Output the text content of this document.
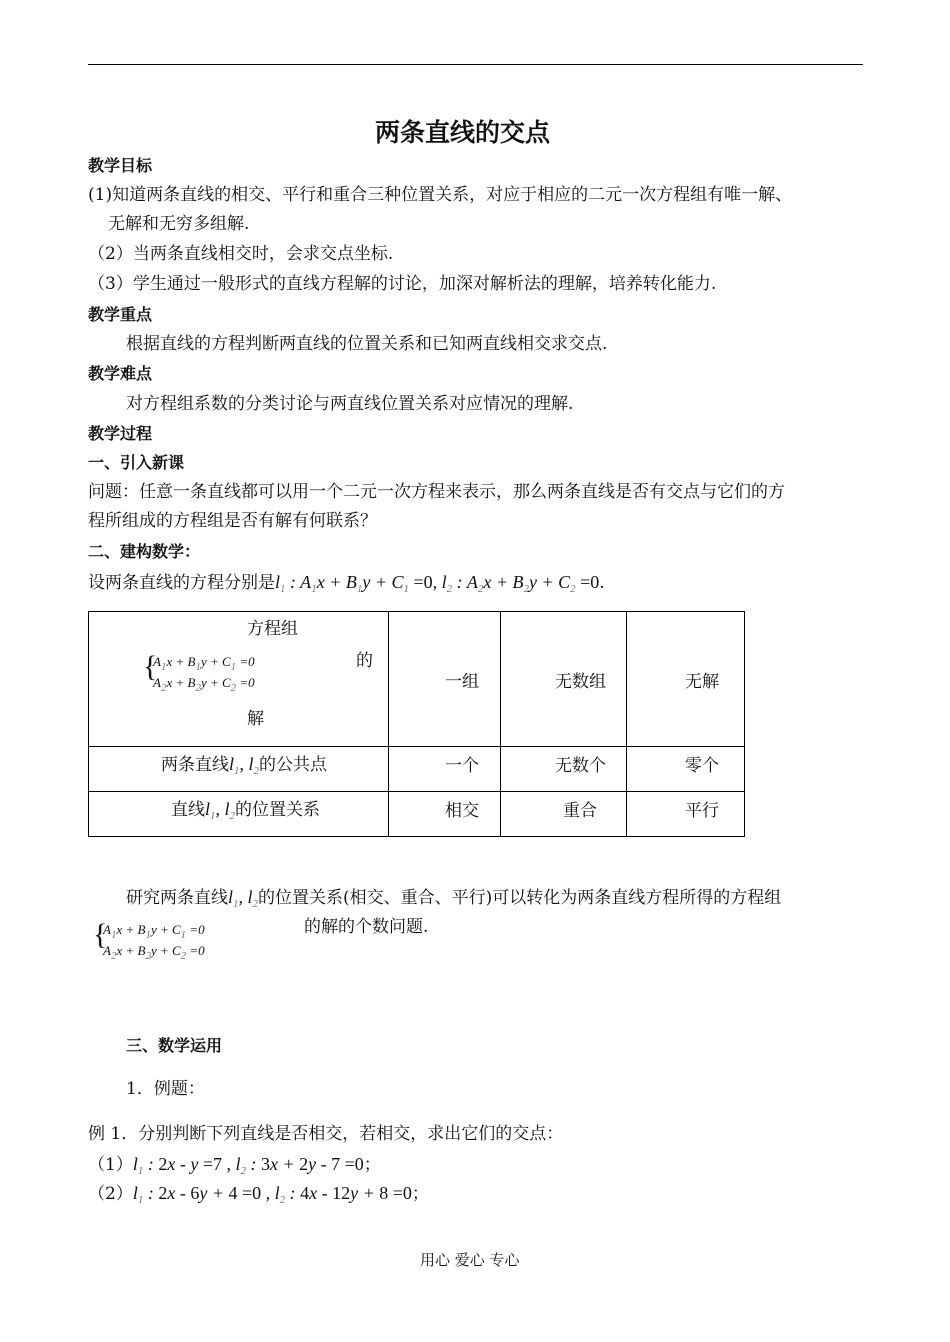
两条直线的交点
教学目标
(1)知道两条直线的相交、平行和重合三种位置关系，对应于相应的二元一次方程组有唯一解、
无解和无穷多组解.
（2）当两条直线相交时，会求交点坐标.
（3）学生通过一般形式的直线方程解的讨论，加深对解析法的理解，培养转化能力.
教学重点
根据直线的方程判断两直线的位置关系和已知两直线相交求交点.
教学难点
对方程组系数的分类讨论与两直线位置关系对应情况的理解.
教学过程
一、引入新课
问题：任意一条直线都可以用一个二元一次方程来表示，那么两条直线是否有交点与它们的方
程所组成的方程组是否有解有何联系？
二、建构数学：
设两条直线的方程分别是$l_1$ : $A_1x + B_1y + C_1 =0$, $l_2$ : $A_2x + B_2y + C_2 =0$.
方程组
{ $A_1x + B_1y + C_1 =0$
$A_2x + B_2y + C_2 =0$
的
解	一组	无数组	无解

两条直线$l_1$, $l_2$的公共点	一个	无数个	零个

直线$l_1$, $l_2$的位置关系	相交	重合	平行
研究两条直线$l_1$, $l_2$的位置关系(相交、重合、平行)可以转化为两条直线方程所得的方程组
{ $A_1x + B_1y + C_1 =0$
$A_2x + B_2y + C_2 =0$
的解的个数问题.
三、数学运用
1．例题：
例 1．分别判断下列直线是否相交，若相交，求出它们的交点：
$(1)l_1$ : 2x - y =7 , $l_2$ : 3x + 2y - 7 =0；
$(2)l_1$ : 2x - 6y + 4 =0 , $l_2$ : 4x - 12y + 8 =0；
用心 爱心 专心
